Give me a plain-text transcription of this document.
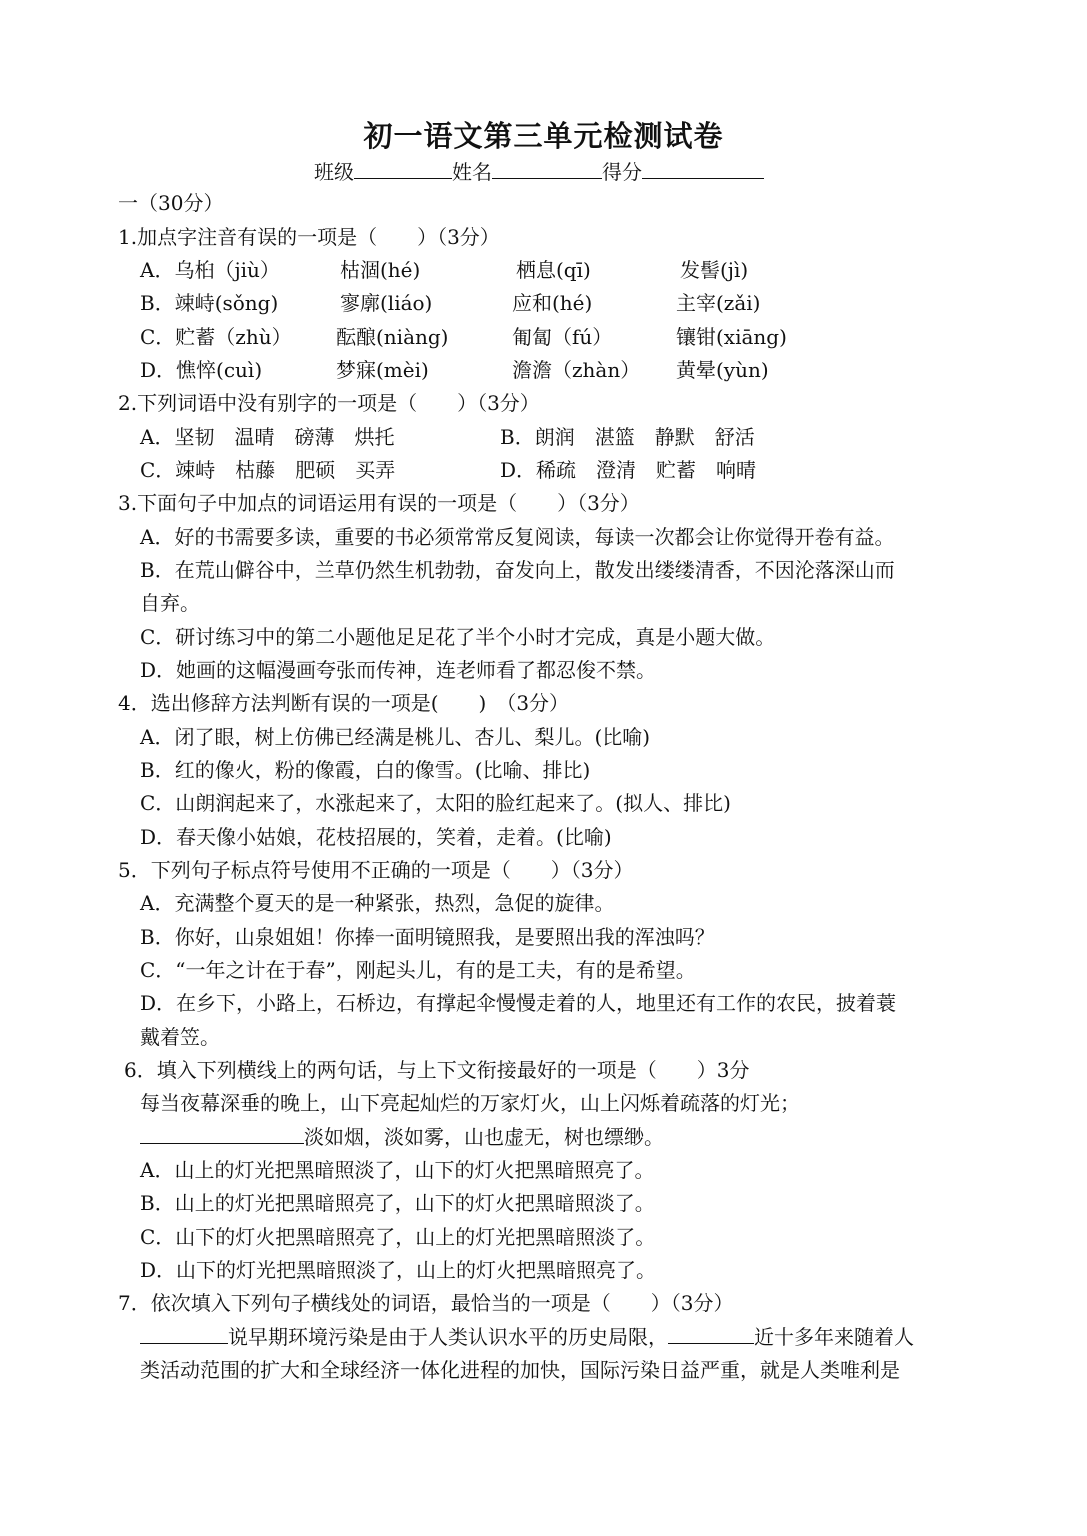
初一语文第三单元检测试卷
班级	姓名	得分
一（30分）
1.加点字注音有误的一项是（　　）（3分）
A．乌桕（jiù）	枯涸(hé)	栖息(qī)	发髻(jì)
B．竦峙(sǒng)	寥廓(liáo)	应和(hé)	主宰(zǎi)
C．贮蓄（zhù） 酝酿(niàng)	匍匐（fú）	镶钳(xiāng)
D．憔悴(cuì)	梦寐(mèi)	澹澹（zhàn） 黄晕(yùn)
2.下列词语中没有别字的一项是（　　）（3分）
A．坚韧　温晴　磅薄　烘托	B．朗润　湛篮　静默　舒活
C．竦峙　枯藤　肥硕　买弄	D．稀疏　澄清　贮蓄　响晴
3.下面句子中加点的词语运用有误的一项是（　　）（3分）
A．好的书需要多读，重要的书必须常常反复阅读，每读一次都会让你觉得开卷有益。
B．在荒山僻谷中，兰草仍然生机勃勃，奋发向上，散发出缕缕清香，不因沦落深山而
自弃。
C．研讨练习中的第二小题他足足花了半个小时才完成，真是小题大做。
D．她画的这幅漫画夸张而传神，连老师看了都忍俊不禁。
4．选出修辞方法判断有误的一项是(　　)　（3分）
A．闭了眼，树上仿佛已经满是桃儿、杏儿、梨儿。(比喻)
B．红的像火，粉的像霞，白的像雪。(比喻、排比)
C．山朗润起来了，水涨起来了，太阳的脸红起来了。(拟人、排比)
D．春天像小姑娘，花枝招展的，笑着，走着。(比喻)
5．下列句子标点符号使用不正确的一项是（　　）（3分）
A．充满整个夏天的是一种紧张，热烈，急促的旋律。
B．你好，山泉姐姐！你捧一面明镜照我，是要照出我的浑浊吗？
C．“一年之计在于春”，刚起头儿，有的是工夫，有的是希望。
D．在乡下，小路上，石桥边，有撑起伞慢慢走着的人，地里还有工作的农民，披着蓑
戴着笠。
6．填入下列横线上的两句话，与上下文衔接最好的一项是（　　）3分
每当夜幕深垂的晚上，山下亮起灿烂的万家灯火，山上闪烁着疏落的灯光；
淡如烟，淡如雾，山也虚无，树也缥缈。
A．山上的灯光把黑暗照淡了，山下的灯火把黑暗照亮了。
B．山上的灯光把黑暗照亮了，山下的灯火把黑暗照淡了。
C．山下的灯火把黑暗照亮了，山上的灯光把黑暗照淡了。
D．山下的灯光把黑暗照淡了，山上的灯火把黑暗照亮了。
7．依次填入下列句子横线处的词语，最恰当的一项是（　　）（3分）
说早期环境污染是由于人类认识水平的历史局限，	近十多年来随着人
类活动范围的扩大和全球经济一体化进程的加快，国际污染日益严重，就是人类唯利是
